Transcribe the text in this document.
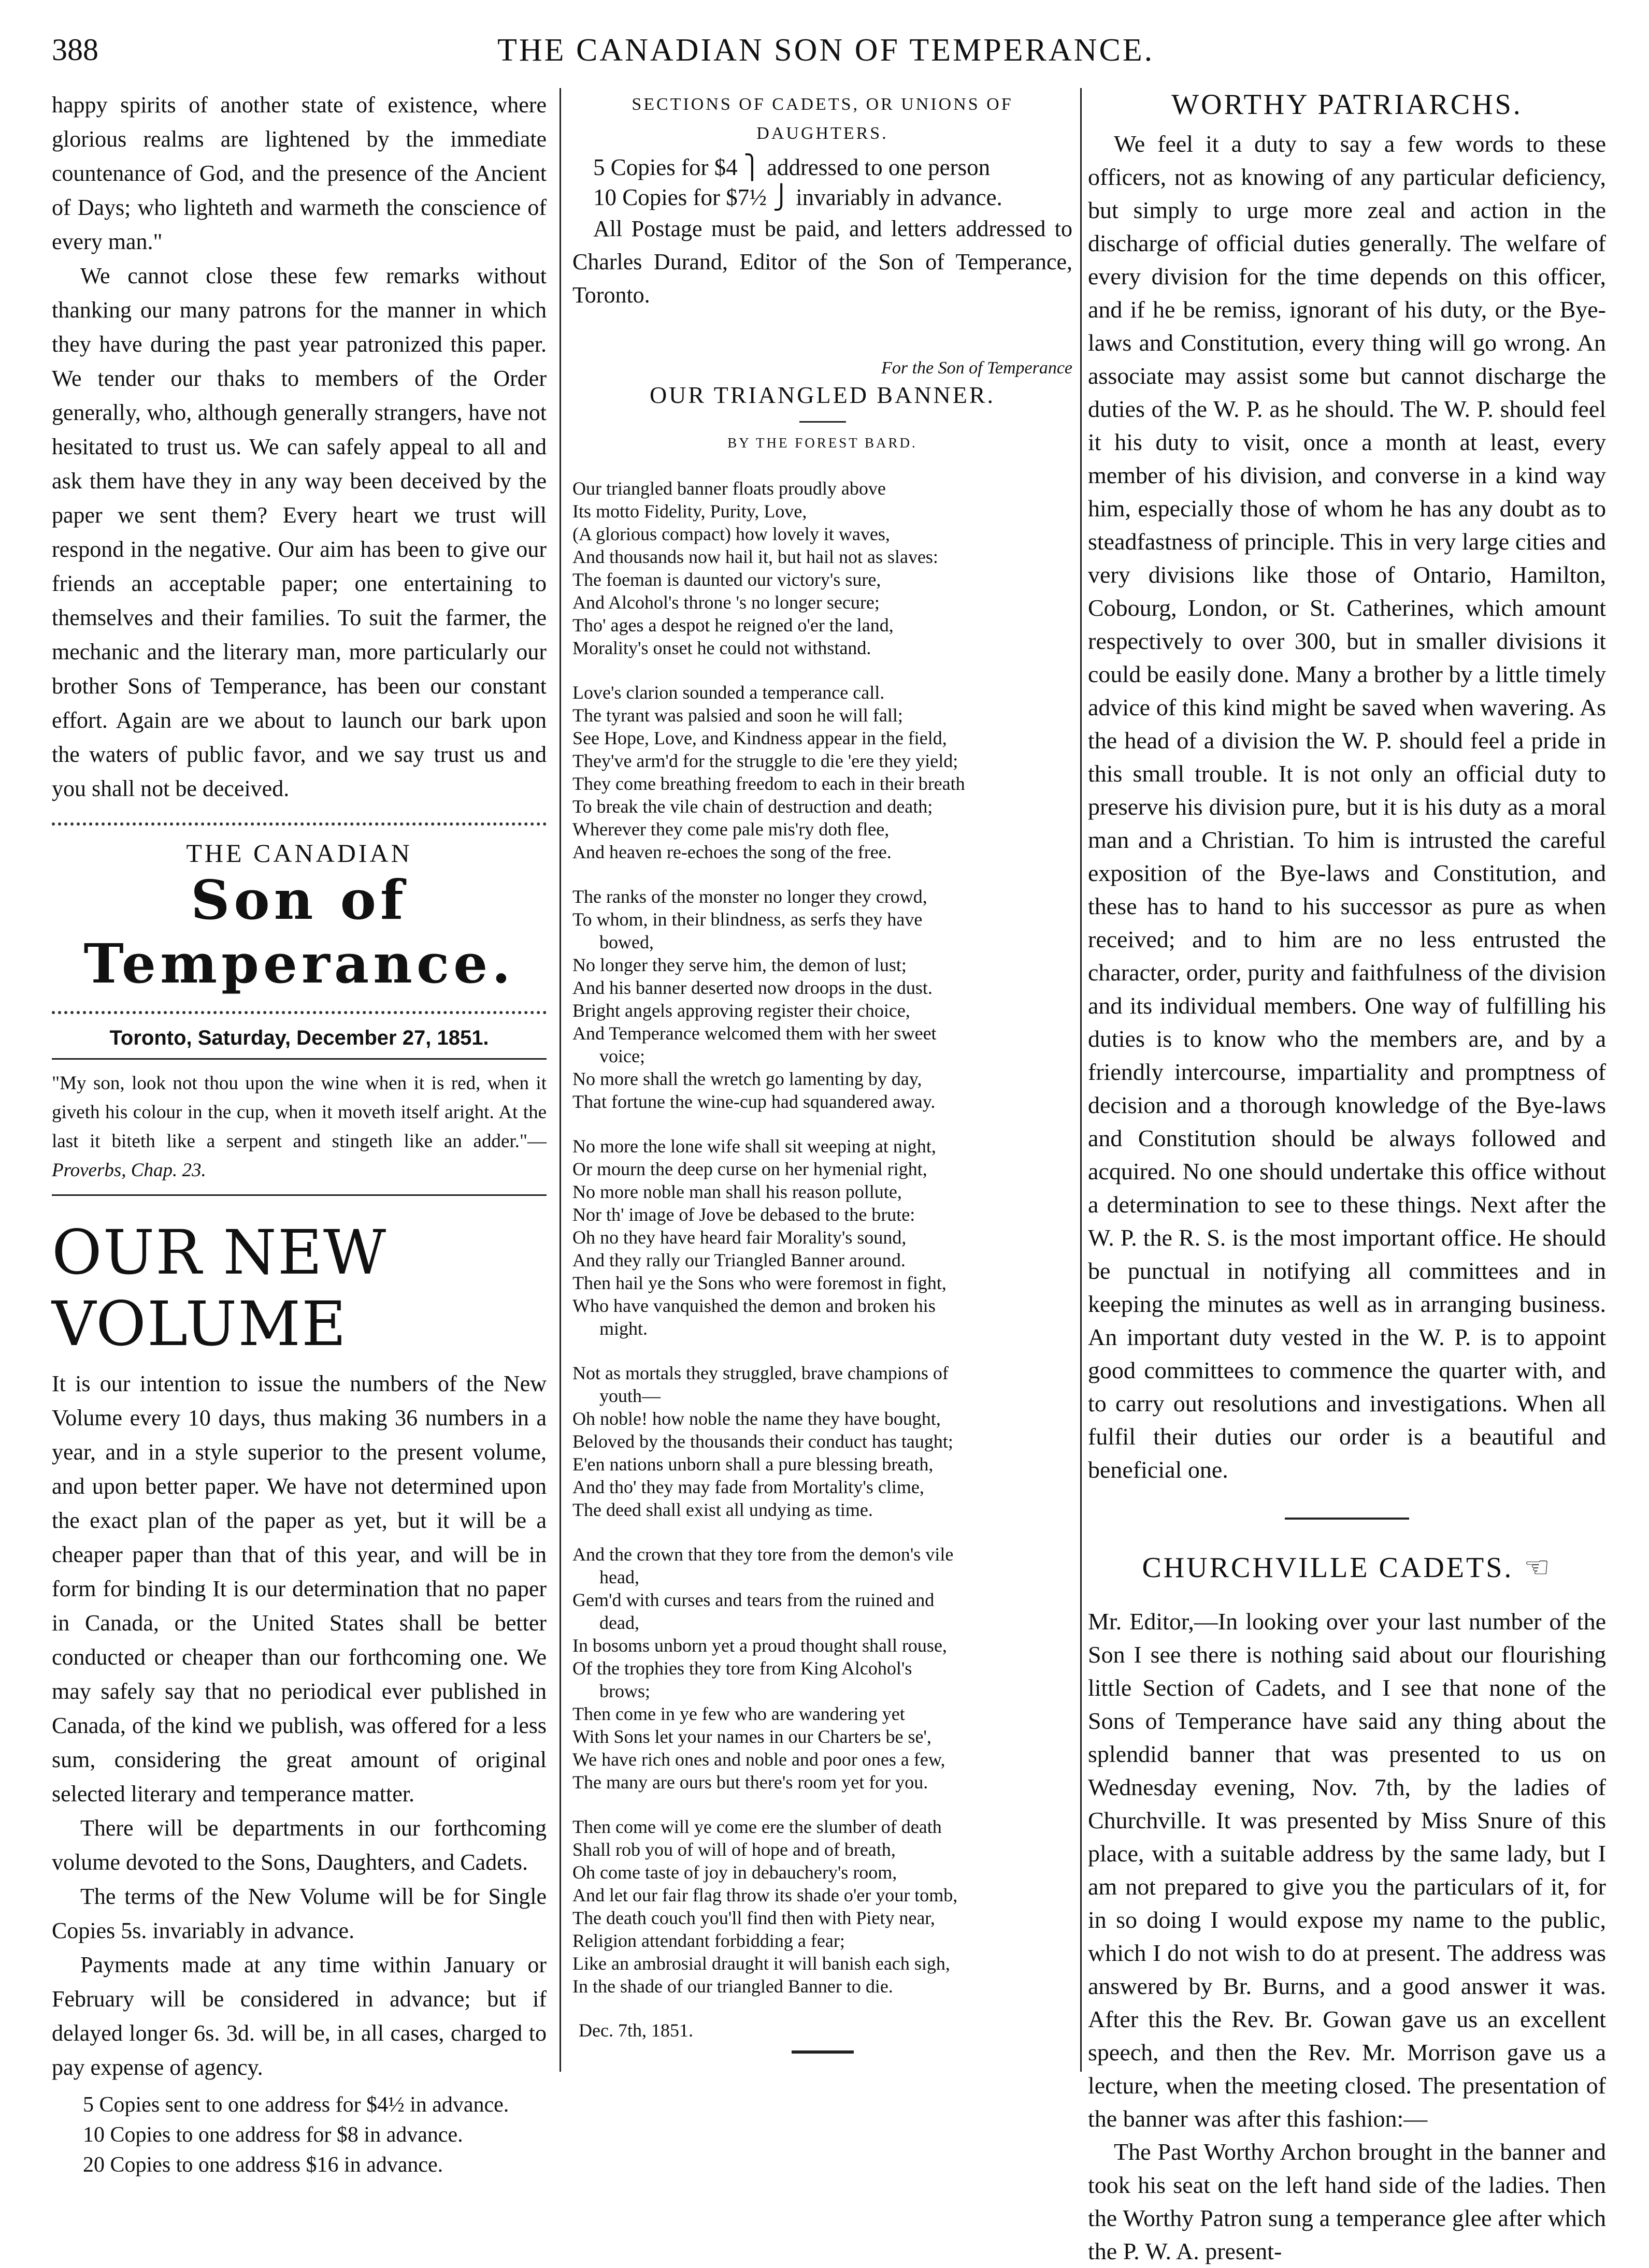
388	THE CANADIAN SON OF TEMPERANCE.

happy spirits of another state of existence, where glorious realms are lightened by the immediate countenance of God, and the presence of the Ancient of Days; who lighteth and warmeth the conscience of every man."

We cannot close these few remarks without thanking our many patrons for the manner in which they have during the past year patronized this paper. We tender our thaks to members of the Order generally, who, although generally strangers, have not hesitated to trust us. We can safely appeal to all and ask them have they in any way been deceived by the paper we sent them? Every heart we trust will respond in the negative. Our aim has been to give our friends an acceptable paper; one entertaining to themselves and their families. To suit the farmer, the mechanic and the literary man, more particularly our brother Sons of Temperance, has been our constant effort. Again are we about to launch our bark upon the waters of public favor, and we say trust us and you shall not be deceived.

THE CANADIAN
Son of Temperance.
Toronto, Saturday, December 27, 1851.
"My son, look not thou upon the wine when it is red, when it giveth his colour in the cup, when it moveth itself aright. At the last it biteth like a serpent and stingeth like an adder."—Proverbs, Chap. 23.
OUR NEW VOLUME

It is our intention to issue the numbers of the New Volume every 10 days, thus making 36 numbers in a year, and in a style superior to the present volume, and upon better paper. We have not determined upon the exact plan of the paper as yet, but it will be a cheaper paper than that of this year, and will be in form for binding It is our determination that no paper in Canada, or the United States shall be better conducted or cheaper than our forthcoming one. We may safely say that no periodical ever published in Canada, of the kind we publish, was offered for a less sum, considering the great amount of original selected literary and temperance matter.

There will be departments in our forthcoming volume devoted to the Sons, Daughters, and Cadets.

The terms of the New Volume will be for Single Copies 5s. invariably in advance.

Payments made at any time within January or February will be considered in advance; but if delayed longer 6s. 3d. will be, in all cases, charged to pay expense of agency.

5 Copies sent to one address for $4½ in advance.
10 Copies to one address for $8 in advance.
20 Copies to one address $16 in advance.
SECTIONS OF CADETS, OR UNIONS OF DAUGHTERS.
5 Copies for $4 ⎫ addressed to one person
10 Copies for $7½ ⎭ invariably in advance.

All Postage must be paid, and letters addressed to Charles Durand, Editor of the Son of Temperance, Toronto.

For the Son of Temperance
OUR TRIANGLED BANNER.
BY THE FOREST BARD.

Our triangled banner floats proudly above

Its motto Fidelity, Purity, Love,

(A glorious compact) how lovely it waves,

And thousands now hail it, but hail not as slaves:

The foeman is daunted our victory's sure,

And Alcohol's throne 's no longer secure;

Tho' ages a despot he reigned o'er the land,

Morality's onset he could not withstand.

Love's clarion sounded a temperance call.

The tyrant was palsied and soon he will fall;

See Hope, Love, and Kindness appear in the field,

They've arm'd for the struggle to die 'ere they yield;

They come breathing freedom to each in their breath

To break the vile chain of destruction and death;

Wherever they come pale mis'ry doth flee,

And heaven re-echoes the song of the free.

The ranks of the monster no longer they crowd,

To whom, in their blindness, as serfs they have

bowed,

No longer they serve him, the demon of lust;

And his banner deserted now droops in the dust.

Bright angels approving register their choice,

And Temperance welcomed them with her sweet

voice;

No more shall the wretch go lamenting by day,

That fortune the wine-cup had squandered away.

No more the lone wife shall sit weeping at night,

Or mourn the deep curse on her hymenial right,

No more noble man shall his reason pollute,

Nor th' image of Jove be debased to the brute:

Oh no they have heard fair Morality's sound,

And they rally our Triangled Banner around.

Then hail ye the Sons who were foremost in fight,

Who have vanquished the demon and broken his

might.

Not as mortals they struggled, brave champions of

youth—

Oh noble! how noble the name they have bought,

Beloved by the thousands their conduct has taught;

E'en nations unborn shall a pure blessing breath,

And tho' they may fade from Mortality's clime,

The deed shall exist all undying as time.

And the crown that they tore from the demon's vile

head,

Gem'd with curses and tears from the ruined and

dead,

In bosoms unborn yet a proud thought shall rouse,

Of the trophies they tore from King Alcohol's

brows;

Then come in ye few who are wandering yet

With Sons let your names in our Charters be se',

We have rich ones and noble and poor ones a few,

The many are ours but there's room yet for you.

Then come will ye come ere the slumber of death

Shall rob you of will of hope and of breath,

Oh come taste of joy in debauchery's room,

And let our fair flag throw its shade o'er your tomb,

The death couch you'll find then with Piety near,

Religion attendant forbidding a fear;

Like an ambrosial draught it will banish each sigh,

In the shade of our triangled Banner to die.

Dec. 7th, 1851.
WORTHY PATRIARCHS.

We feel it a duty to say a few words to these officers, not as knowing of any particular deficiency, but simply to urge more zeal and action in the discharge of official duties generally. The welfare of every division for the time depends on this officer, and if he be remiss, ignorant of his duty, or the Bye-laws and Constitution, every thing will go wrong. An associate may assist some but cannot discharge the duties of the W. P. as he should. The W. P. should feel it his duty to visit, once a month at least, every member of his division, and converse in a kind way him, especially those of whom he has any doubt as to steadfastness of principle. This in very large cities and very divisions like those of Ontario, Hamilton, Cobourg, London, or St. Catherines, which amount respectively to over 300, but in smaller divisions it could be easily done. Many a brother by a little timely advice of this kind might be saved when wavering. As the head of a division the W. P. should feel a pride in this small trouble. It is not only an official duty to preserve his division pure, but it is his duty as a moral man and a Christian. To him is intrusted the careful exposition of the Bye-laws and Constitution, and these has to hand to his successor as pure as when received; and to him are no less entrusted the character, order, purity and faithfulness of the division and its individual members. One way of fulfilling his duties is to know who the members are, and by a friendly intercourse, impartiality and promptness of decision and a thorough knowledge of the Bye-laws and Constitution should be always followed and acquired. No one should undertake this office without a determination to see to these things. Next after the W. P. the R. S. is the most important office. He should be punctual in notifying all committees and in keeping the minutes as well as in arranging business. An important duty vested in the W. P. is to appoint good committees to commence the quarter with, and to carry out resolutions and investigations. When all fulfil their duties our order is a beautiful and beneficial one.

CHURCHVILLE CADETS. ☜

Mr. Editor,—In looking over your last number of the Son I see there is nothing said about our flourishing little Section of Cadets, and I see that none of the Sons of Temperance have said any thing about the splendid banner that was presented to us on Wednesday evening, Nov. 7th, by the ladies of Churchville. It was presented by Miss Snure of this place, with a suitable address by the same lady, but I am not prepared to give you the particulars of it, for in so doing I would expose my name to the public, which I do not wish to do at present. The address was answered by Br. Burns, and a good answer it was. After this the Rev. Br. Gowan gave us an excellent speech, and then the Rev. Mr. Morrison gave us a lecture, when the meeting closed. The presentation of the banner was after this fashion:—

The Past Worthy Archon brought in the banner and took his seat on the left hand side of the ladies. Then the Worthy Patron sung a temperance glee after which the P. W. A. present-
